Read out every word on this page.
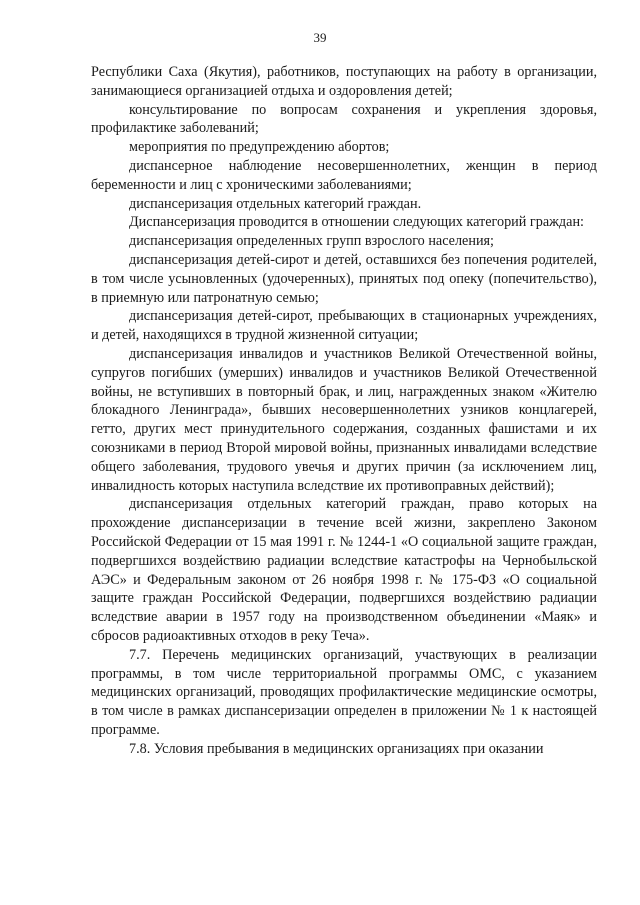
39

Республики Саха (Якутия), работников, поступающих на работу в организации, занимающиеся организацией отдыха и оздоровления детей;

консультирование по вопросам сохранения и укрепления здоровья, профилактике заболеваний;

мероприятия по предупреждению абортов;

диспансерное наблюдение несовершеннолетних, женщин в период беременности и лиц с хроническими заболеваниями;

диспансеризация отдельных категорий граждан.

Диспансеризация проводится в отношении следующих категорий граждан:

диспансеризация определенных групп взрослого населения;

диспансеризация детей-сирот и детей, оставшихся без попечения родителей, в том числе усыновленных (удочеренных), принятых под опеку (попечительство), в приемную или патронатную семью;

диспансеризация детей-сирот, пребывающих в стационарных учреждениях, и детей, находящихся в трудной жизненной ситуации;

диспансеризация инвалидов и участников Великой Отечественной войны, супругов погибших (умерших) инвалидов и участников Великой Отечественной войны, не вступивших в повторный брак, и лиц, награжденных знаком «Жителю блокадного Ленинграда», бывших несовершеннолетних узников концлагерей, гетто, других мест принудительного содержания, созданных фашистами и их союзниками в период Второй мировой войны, признанных инвалидами вследствие общего заболевания, трудового увечья и других причин (за исключением лиц, инвалидность которых наступила вследствие их противоправных действий);

диспансеризация отдельных категорий граждан, право которых на прохождение диспансеризации в течение всей жизни, закреплено Законом Российской Федерации от 15 мая 1991 г. № 1244-1 «О социальной защите граждан, подвергшихся воздействию радиации вследствие катастрофы на Чернобыльской АЭС» и Федеральным законом от 26 ноября 1998 г. № 175-ФЗ «О социальной защите граждан Российской Федерации, подвергшихся воздействию радиации вследствие аварии в 1957 году на производственном объединении «Маяк» и сбросов радиоактивных отходов в реку Теча».

7.7. Перечень медицинских организаций, участвующих в реализации программы, в том числе территориальной программы ОМС, с указанием медицинских организаций, проводящих профилактические медицинские осмотры, в том числе в рамках диспансеризации определен в приложении № 1 к настоящей программе.

7.8. Условия пребывания в медицинских организациях при оказании
